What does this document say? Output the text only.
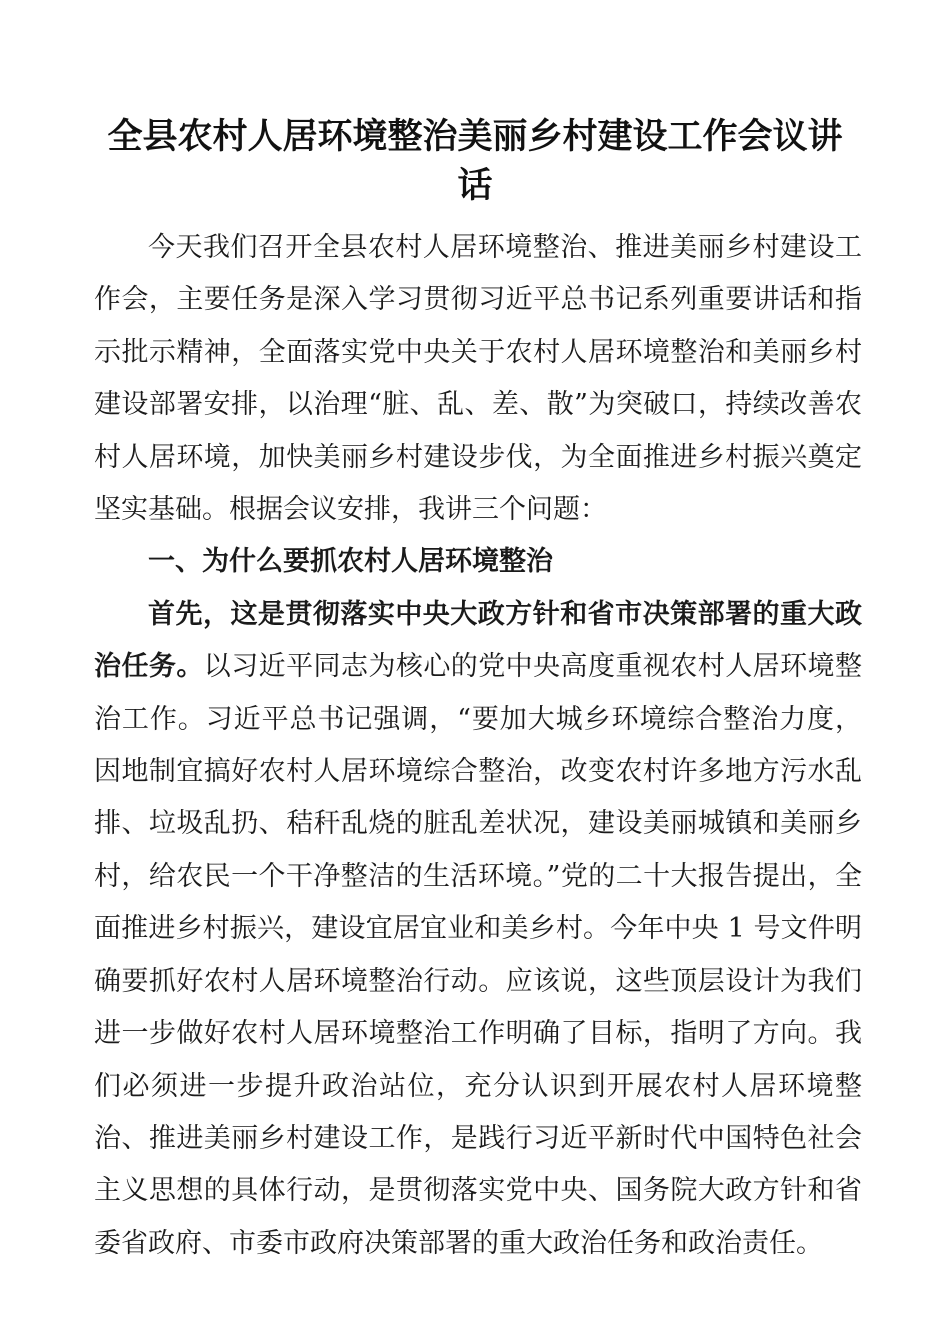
全县农村人居环境整治美丽乡村建设工作会议讲话

今天我们召开全县农村人居环境整治、推进美丽乡村建设工作会，主要任务是深入学习贯彻习近平总书记系列重要讲话和指示批示精神，全面落实党中央关于农村人居环境整治和美丽乡村建设部署安排，以治理“脏、乱、差、散”为突破口，持续改善农村人居环境，加快美丽乡村建设步伐，为全面推进乡村振兴奠定坚实基础。根据会议安排，我讲三个问题：

一、为什么要抓农村人居环境整治

首先，这是贯彻落实中央大政方针和省市决策部署的重大政治任务。以习近平同志为核心的党中央高度重视农村人居环境整治工作。习近平总书记强调，“要加大城乡环境综合整治力度，因地制宜搞好农村人居环境综合整治，改变农村许多地方污水乱排、垃圾乱扔、秸秆乱烧的脏乱差状况，建设美丽城镇和美丽乡村，给农民一个干净整洁的生活环境。”党的二十大报告提出，全面推进乡村振兴，建设宜居宜业和美乡村。今年中央 1 号文件明确要抓好农村人居环境整治行动。应该说，这些顶层设计为我们进一步做好农村人居环境整治工作明确了目标，指明了方向。我们必须进一步提升政治站位，充分认识到开展农村人居环境整治、推进美丽乡村建设工作，是践行习近平新时代中国特色社会主义思想的具体行动，是贯彻落实党中央、国务院大政方针和省委省政府、市委市政府决策部署的重大政治任务和政治责任。
